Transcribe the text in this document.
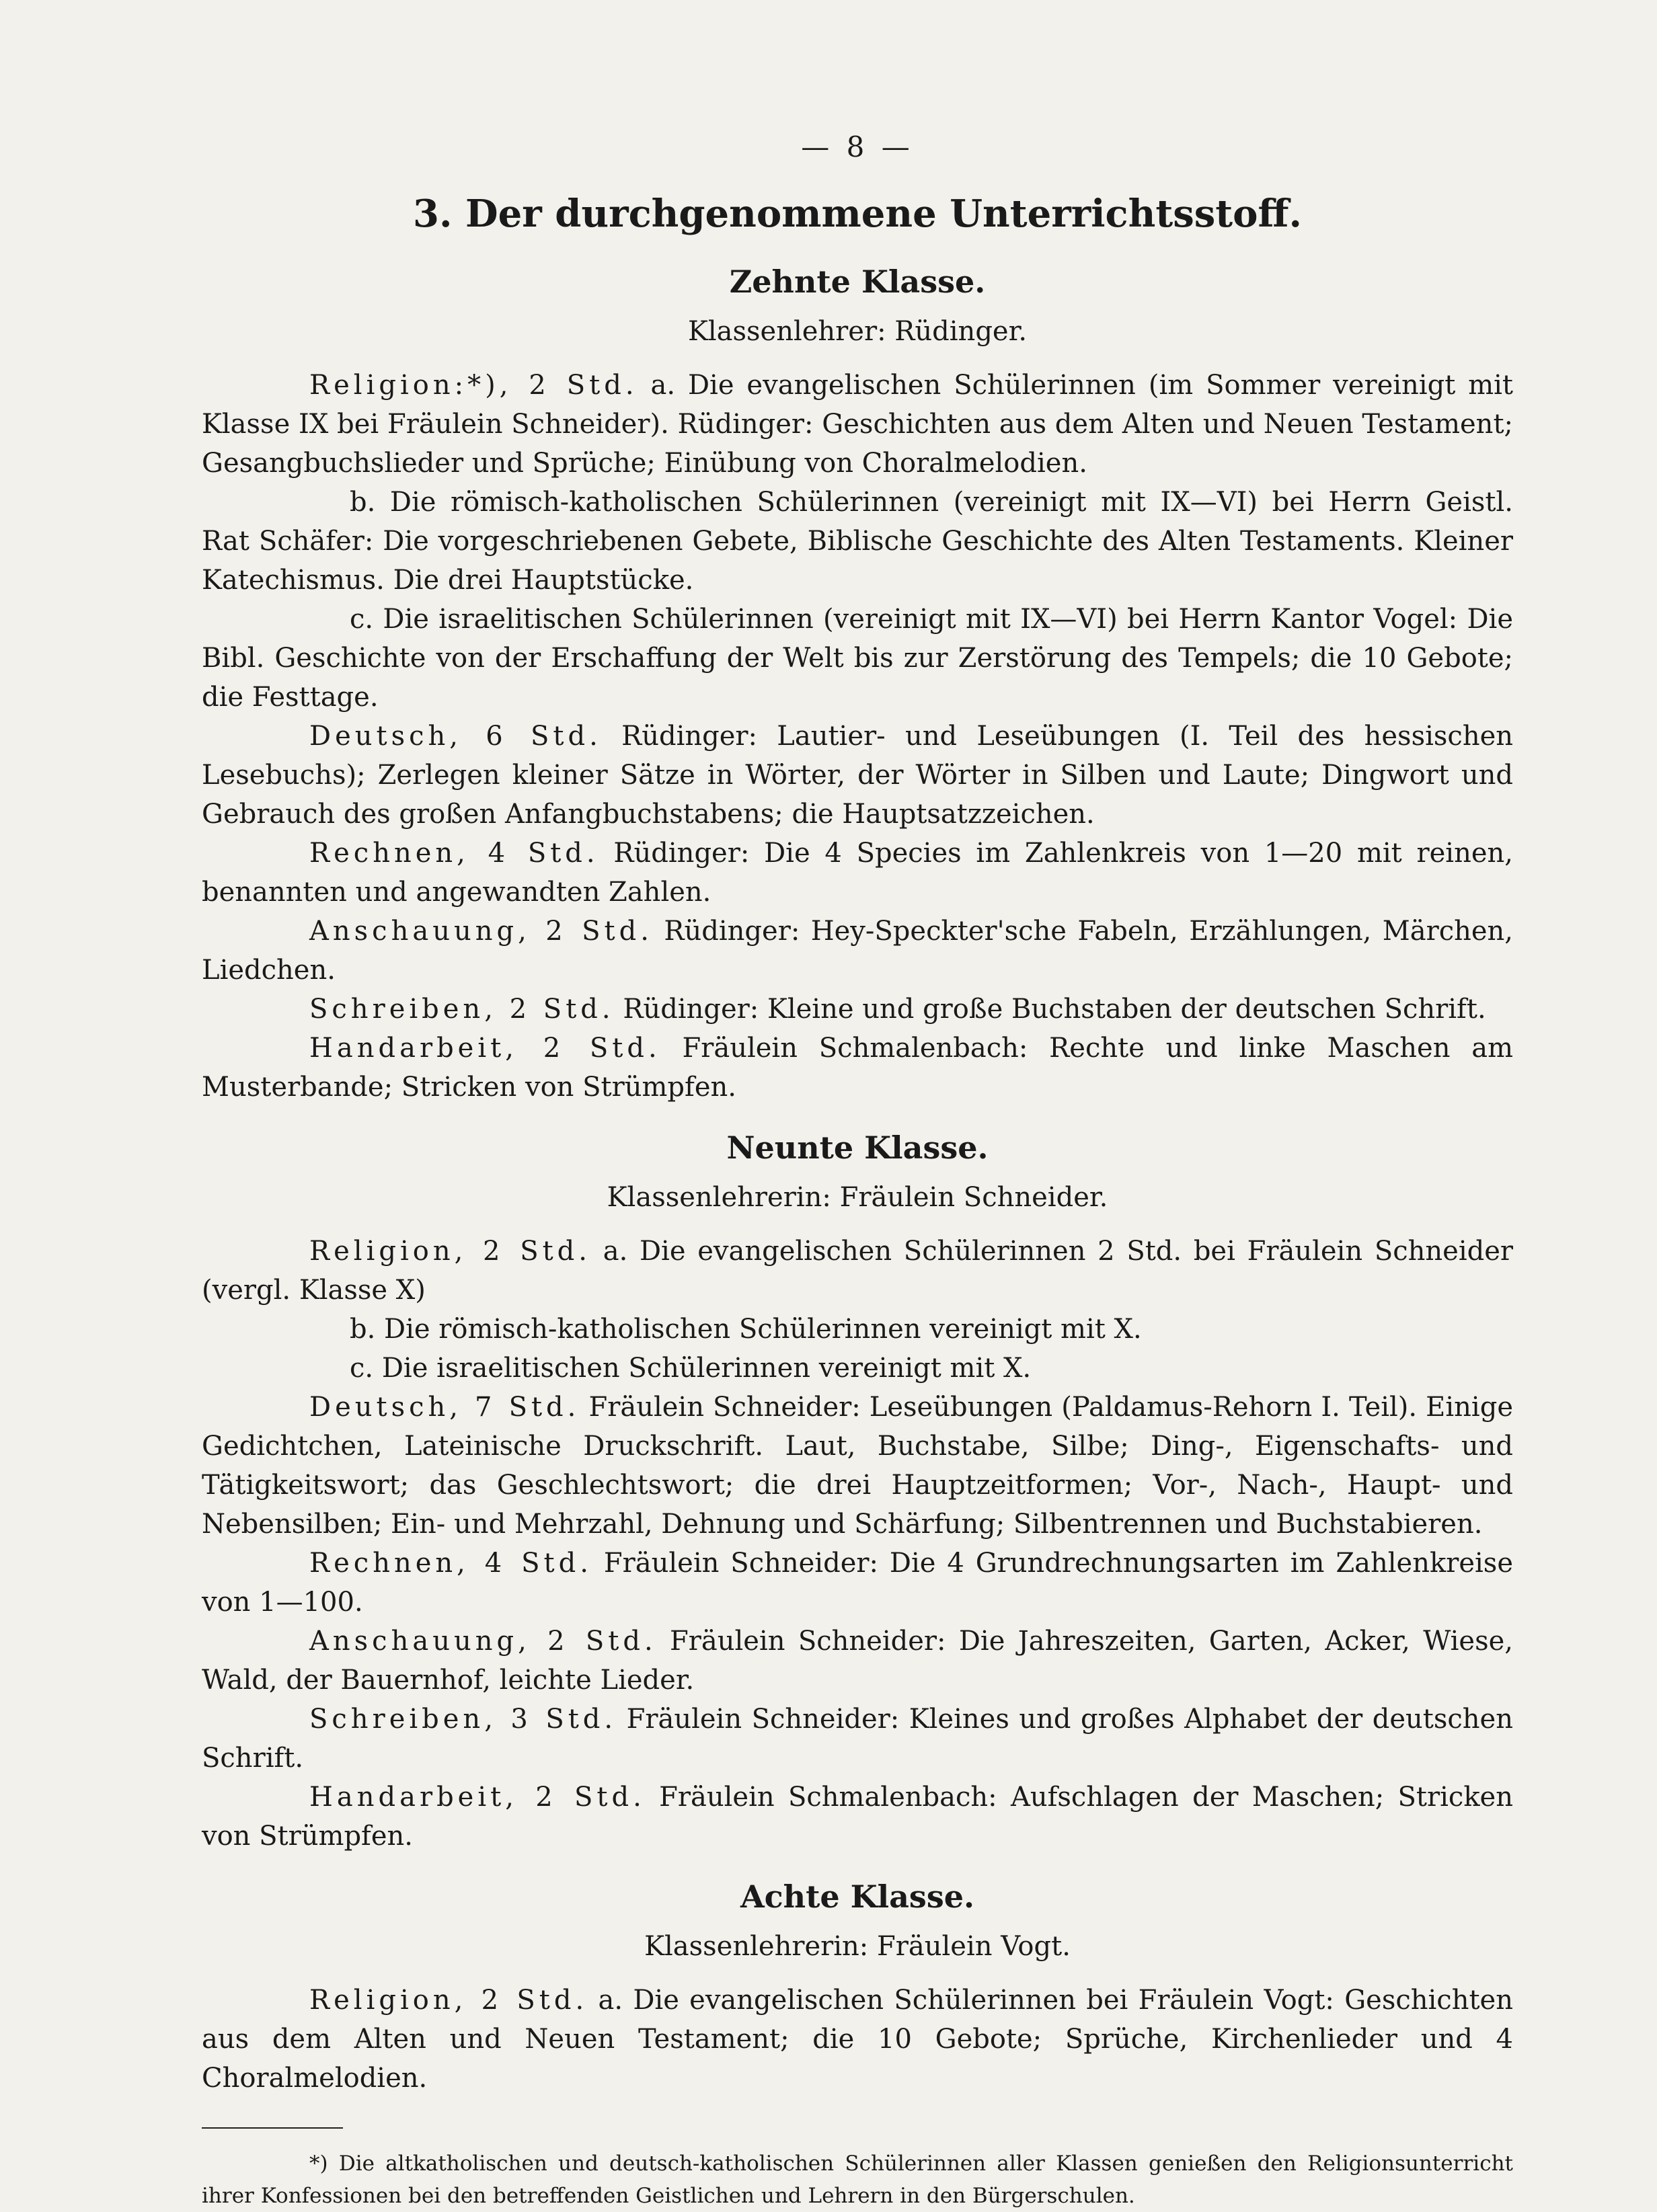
— 8 —
3. Der durchgenommene Unterrichtsstoff.
Zehnte Klasse.
Klassenlehrer: Rüdinger.

Religion:*), 2 Std. a. Die evangelischen Schülerinnen (im Sommer vereinigt mit Klasse IX bei Fräulein Schneider). Rüdinger: Geschichten aus dem Alten und Neuen Testament; Gesangbuchslieder und Sprüche; Einübung von Choralmelodien.

b. Die römisch-katholischen Schülerinnen (vereinigt mit IX—VI) bei Herrn Geistl. Rat Schäfer: Die vorgeschriebenen Gebete, Biblische Geschichte des Alten Testaments. Kleiner Katechismus. Die drei Hauptstücke.

c. Die israelitischen Schülerinnen (vereinigt mit IX—VI) bei Herrn Kantor Vogel: Die Bibl. Geschichte von der Erschaffung der Welt bis zur Zerstörung des Tempels; die 10 Gebote; die Festtage.

Deutsch, 6 Std. Rüdinger: Lautier- und Leseübungen (I. Teil des hessischen Lesebuchs); Zerlegen kleiner Sätze in Wörter, der Wörter in Silben und Laute; Dingwort und Gebrauch des großen Anfangbuchstabens; die Hauptsatzzeichen.

Rechnen, 4 Std. Rüdinger: Die 4 Species im Zahlenkreis von 1—20 mit reinen, benannten und angewandten Zahlen.

Anschauung, 2 Std. Rüdinger: Hey-Speckter'sche Fabeln, Erzählungen, Märchen, Liedchen.

Schreiben, 2 Std. Rüdinger: Kleine und große Buchstaben der deutschen Schrift.

Handarbeit, 2 Std. Fräulein Schmalenbach: Rechte und linke Maschen am Musterbande; Stricken von Strümpfen.

Neunte Klasse.
Klassenlehrerin: Fräulein Schneider.

Religion, 2 Std. a. Die evangelischen Schülerinnen 2 Std. bei Fräulein Schneider (vergl. Klasse X)

b. Die römisch-katholischen Schülerinnen vereinigt mit X.

c. Die israelitischen Schülerinnen vereinigt mit X.

Deutsch, 7 Std. Fräulein Schneider: Leseübungen (Paldamus-Rehorn I. Teil). Einige Gedichtchen, Lateinische Druckschrift. Laut, Buchstabe, Silbe; Ding-, Eigenschafts- und Tätigkeitswort; das Geschlechtswort; die drei Hauptzeitformen; Vor-, Nach-, Haupt- und Nebensilben; Ein- und Mehrzahl, Dehnung und Schärfung; Silbentrennen und Buchstabieren.

Rechnen, 4 Std. Fräulein Schneider: Die 4 Grundrechnungsarten im Zahlenkreise von 1—100.

Anschauung, 2 Std. Fräulein Schneider: Die Jahreszeiten, Garten, Acker, Wiese, Wald, der Bauernhof, leichte Lieder.

Schreiben, 3 Std. Fräulein Schneider: Kleines und großes Alphabet der deutschen Schrift.

Handarbeit, 2 Std. Fräulein Schmalenbach: Aufschlagen der Maschen; Stricken von Strümpfen.

Achte Klasse.
Klassenlehrerin: Fräulein Vogt.

Religion, 2 Std. a. Die evangelischen Schülerinnen bei Fräulein Vogt: Geschichten aus dem Alten und Neuen Testament; die 10 Gebote; Sprüche, Kirchenlieder und 4 Choralmelodien.

*) Die altkatholischen und deutsch-katholischen Schülerinnen aller Klassen genießen den Religionsunterricht ihrer Konfessionen bei den betreffenden Geistlichen und Lehrern in den Bürgerschulen.
